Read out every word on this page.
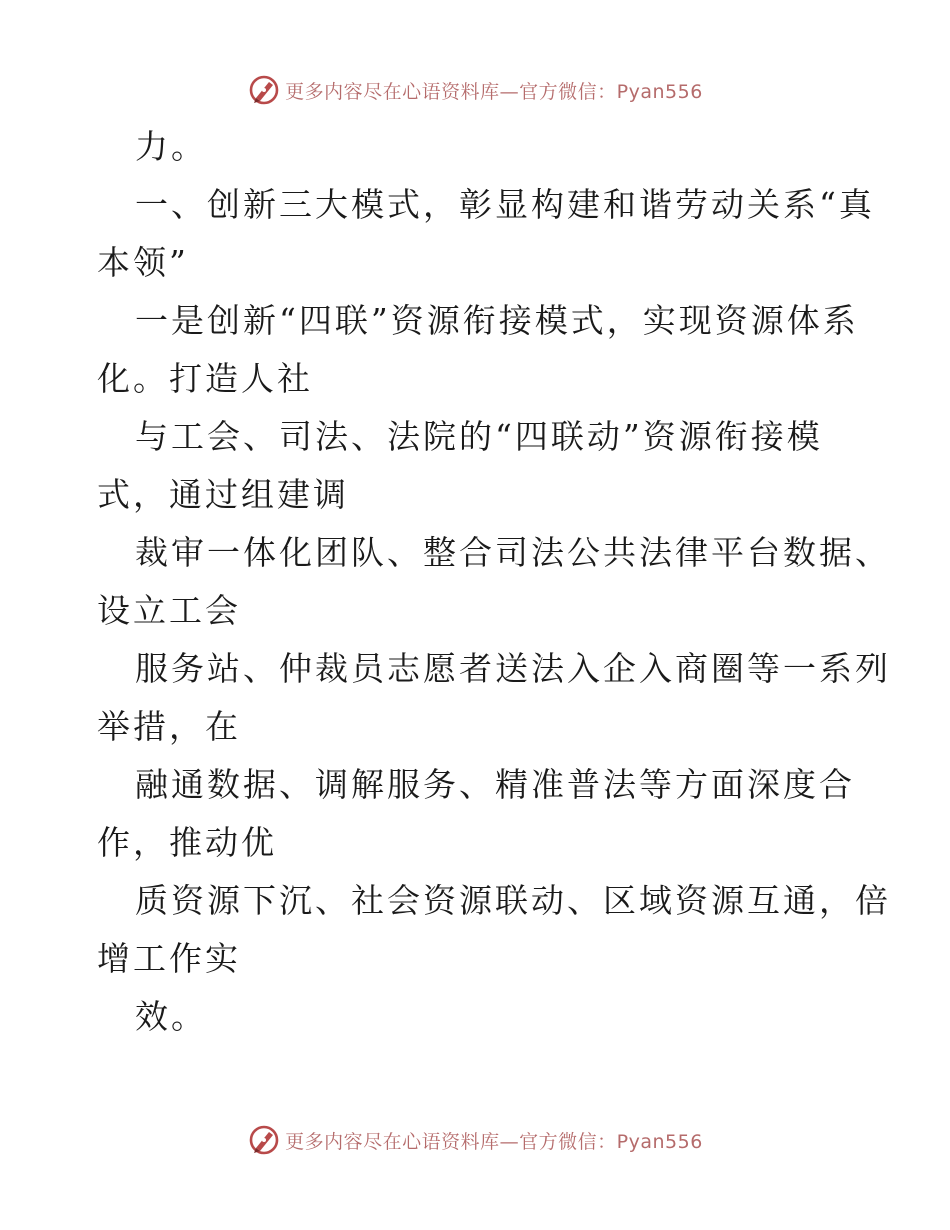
更多内容尽在心语资料库—官方微信：Pyan556
力。
一、创新三大模式，彰显构建和谐劳动关系“真
本领”
一是创新“四联”资源衔接模式，实现资源体系
化。打造人社
与工会、司法、法院的“四联动”资源衔接模
式，通过组建调
裁审一体化团队、整合司法公共法律平台数据、
设立工会
服务站、仲裁员志愿者送法入企入商圈等一系列
举措，在
融通数据、调解服务、精准普法等方面深度合
作，推动优
质资源下沉、社会资源联动、区域资源互通，倍
增工作实
效。
更多内容尽在心语资料库—官方微信：Pyan556
